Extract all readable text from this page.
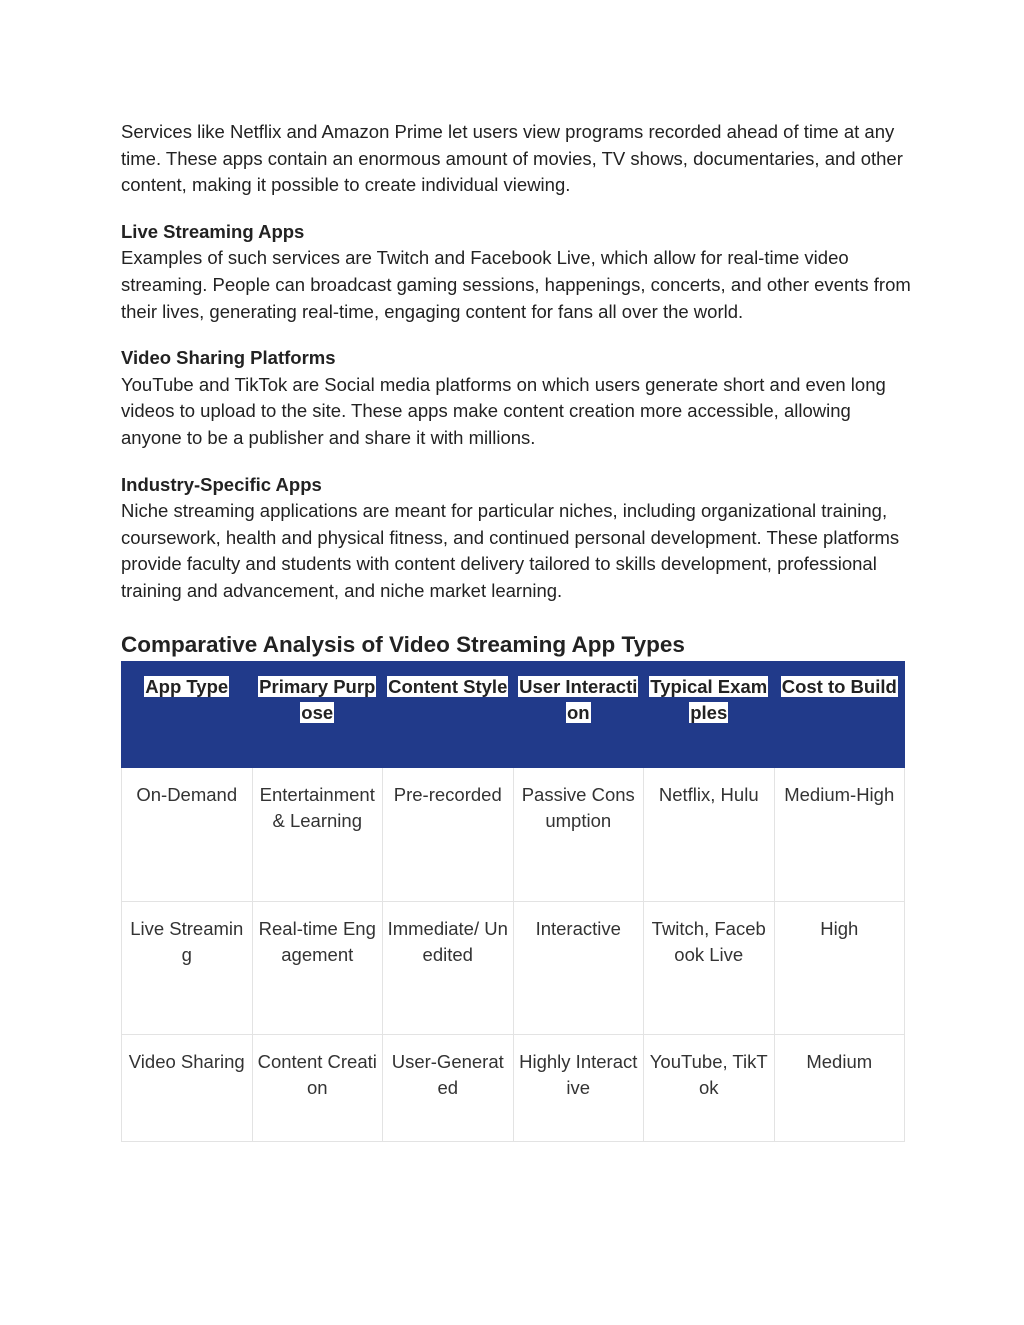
Services like Netflix and Amazon Prime let users view programs recorded ahead of time at any time. These apps contain an enormous amount of movies, TV shows, documentaries, and other content, making it possible to create individual viewing.

Live Streaming Apps

Examples of such services are Twitch and Facebook Live, which allow for real-time video streaming. People can broadcast gaming sessions, happenings, concerts, and other events from their lives, generating real-time, engaging content for fans all over the world.

Video Sharing Platforms

YouTube and TikTok are Social media platforms on which users generate short and even long videos to upload to the site. These apps make content creation more accessible, allowing anyone to be a publisher and share it with millions.

Industry-Specific Apps

Niche streaming applications are meant for particular niches, including organizational training, coursework, health and physical fitness, and continued personal development. These platforms provide faculty and students with content delivery tailored to skills development, professional training and advancement, and niche market learning.

Comparative Analysis of Video Streaming App Types
App Type	Primary Purpose	Content Style	User Interaction	Typical Examples	Cost to Build
On-Demand	Entertainment & Learning	Pre-recorded	Passive Consumption	Netflix, Hulu	Medium-High
Live Streaming	Real-time Engagement	Immediate/ Unedited	Interactive	Twitch, Facebook Live	High
Video Sharing	Content Creation	User-Generated	Highly Interactive	YouTube, TikTok	Medium
